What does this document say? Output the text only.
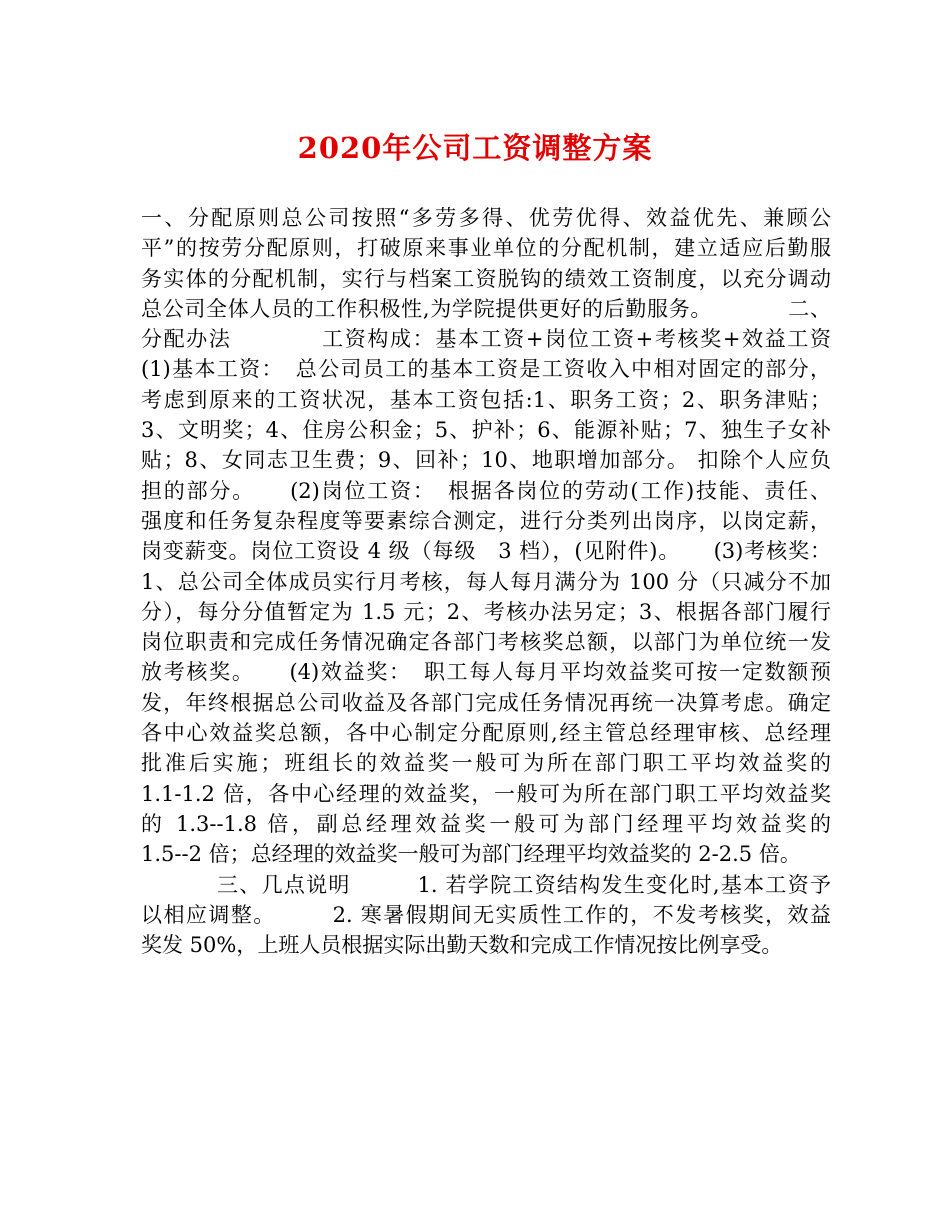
2020年公司工资调整方案
一、分配原则总公司按照“多劳多得、优劳优得、效益优先、兼顾公
平”的按劳分配原则，打破原来事业单位的分配机制，建立适应后勤服
务实体的分配机制，实行与档案工资脱钩的绩效工资制度，以充分调动
总公司全体人员的工作积极性,为学院提供更好的后勤服务。　　　　二、
分配办法　　　　工资构成：基本工资+岗位工资+考核奖+效益工资
(1)基本工资：　总公司员工的基本工资是工资收入中相对固定的部分，
考虑到原来的工资状况，基本工资包括:1、职务工资；2、职务津贴；
3、文明奖；4、住房公积金；5、护补；6、能源补贴；7、独生子女补
贴；8、女同志卫生费；9、回补；10、地职增加部分。 扣除个人应负
担的部分。　　(2)岗位工资：　根据各岗位的劳动(工作)技能、责任、
强度和任务复杂程度等要素综合测定，进行分类列出岗序，以岗定薪，
岗变薪变。岗位工资设 4 级（每级　3 档），(见附件)。　　(3)考核奖：
1、总公司全体成员实行月考核，每人每月满分为 100 分（只减分不加
分），每分分值暂定为 1.5 元；2、考核办法另定；3、根据各部门履行
岗位职责和完成任务情况确定各部门考核奖总额，以部门为单位统一发
放考核奖。　　(4)效益奖：　职工每人每月平均效益奖可按一定数额预
发，年终根据总公司收益及各部门完成任务情况再统一决算考虑。确定
各中心效益奖总额，各中心制定分配原则,经主管总经理审核、总经理
批准后实施；班组长的效益奖一般可为所在部门职工平均效益奖的
1.1-1.2 倍，各中心经理的效益奖，一般可为所在部门职工平均效益奖
的 1.3--1.8 倍，副总经理效益奖一般可为部门经理平均效益奖的
1.5--2 倍；总经理的效益奖一般可为部门经理平均效益奖的 2-2.5 倍。
三、几点说明　　　1. 若学院工资结构发生变化时,基本工资予
以相应调整。　　　2. 寒暑假期间无实质性工作的，不发考核奖，效益
奖发 50%，上班人员根据实际出勤天数和完成工作情况按比例享受。
